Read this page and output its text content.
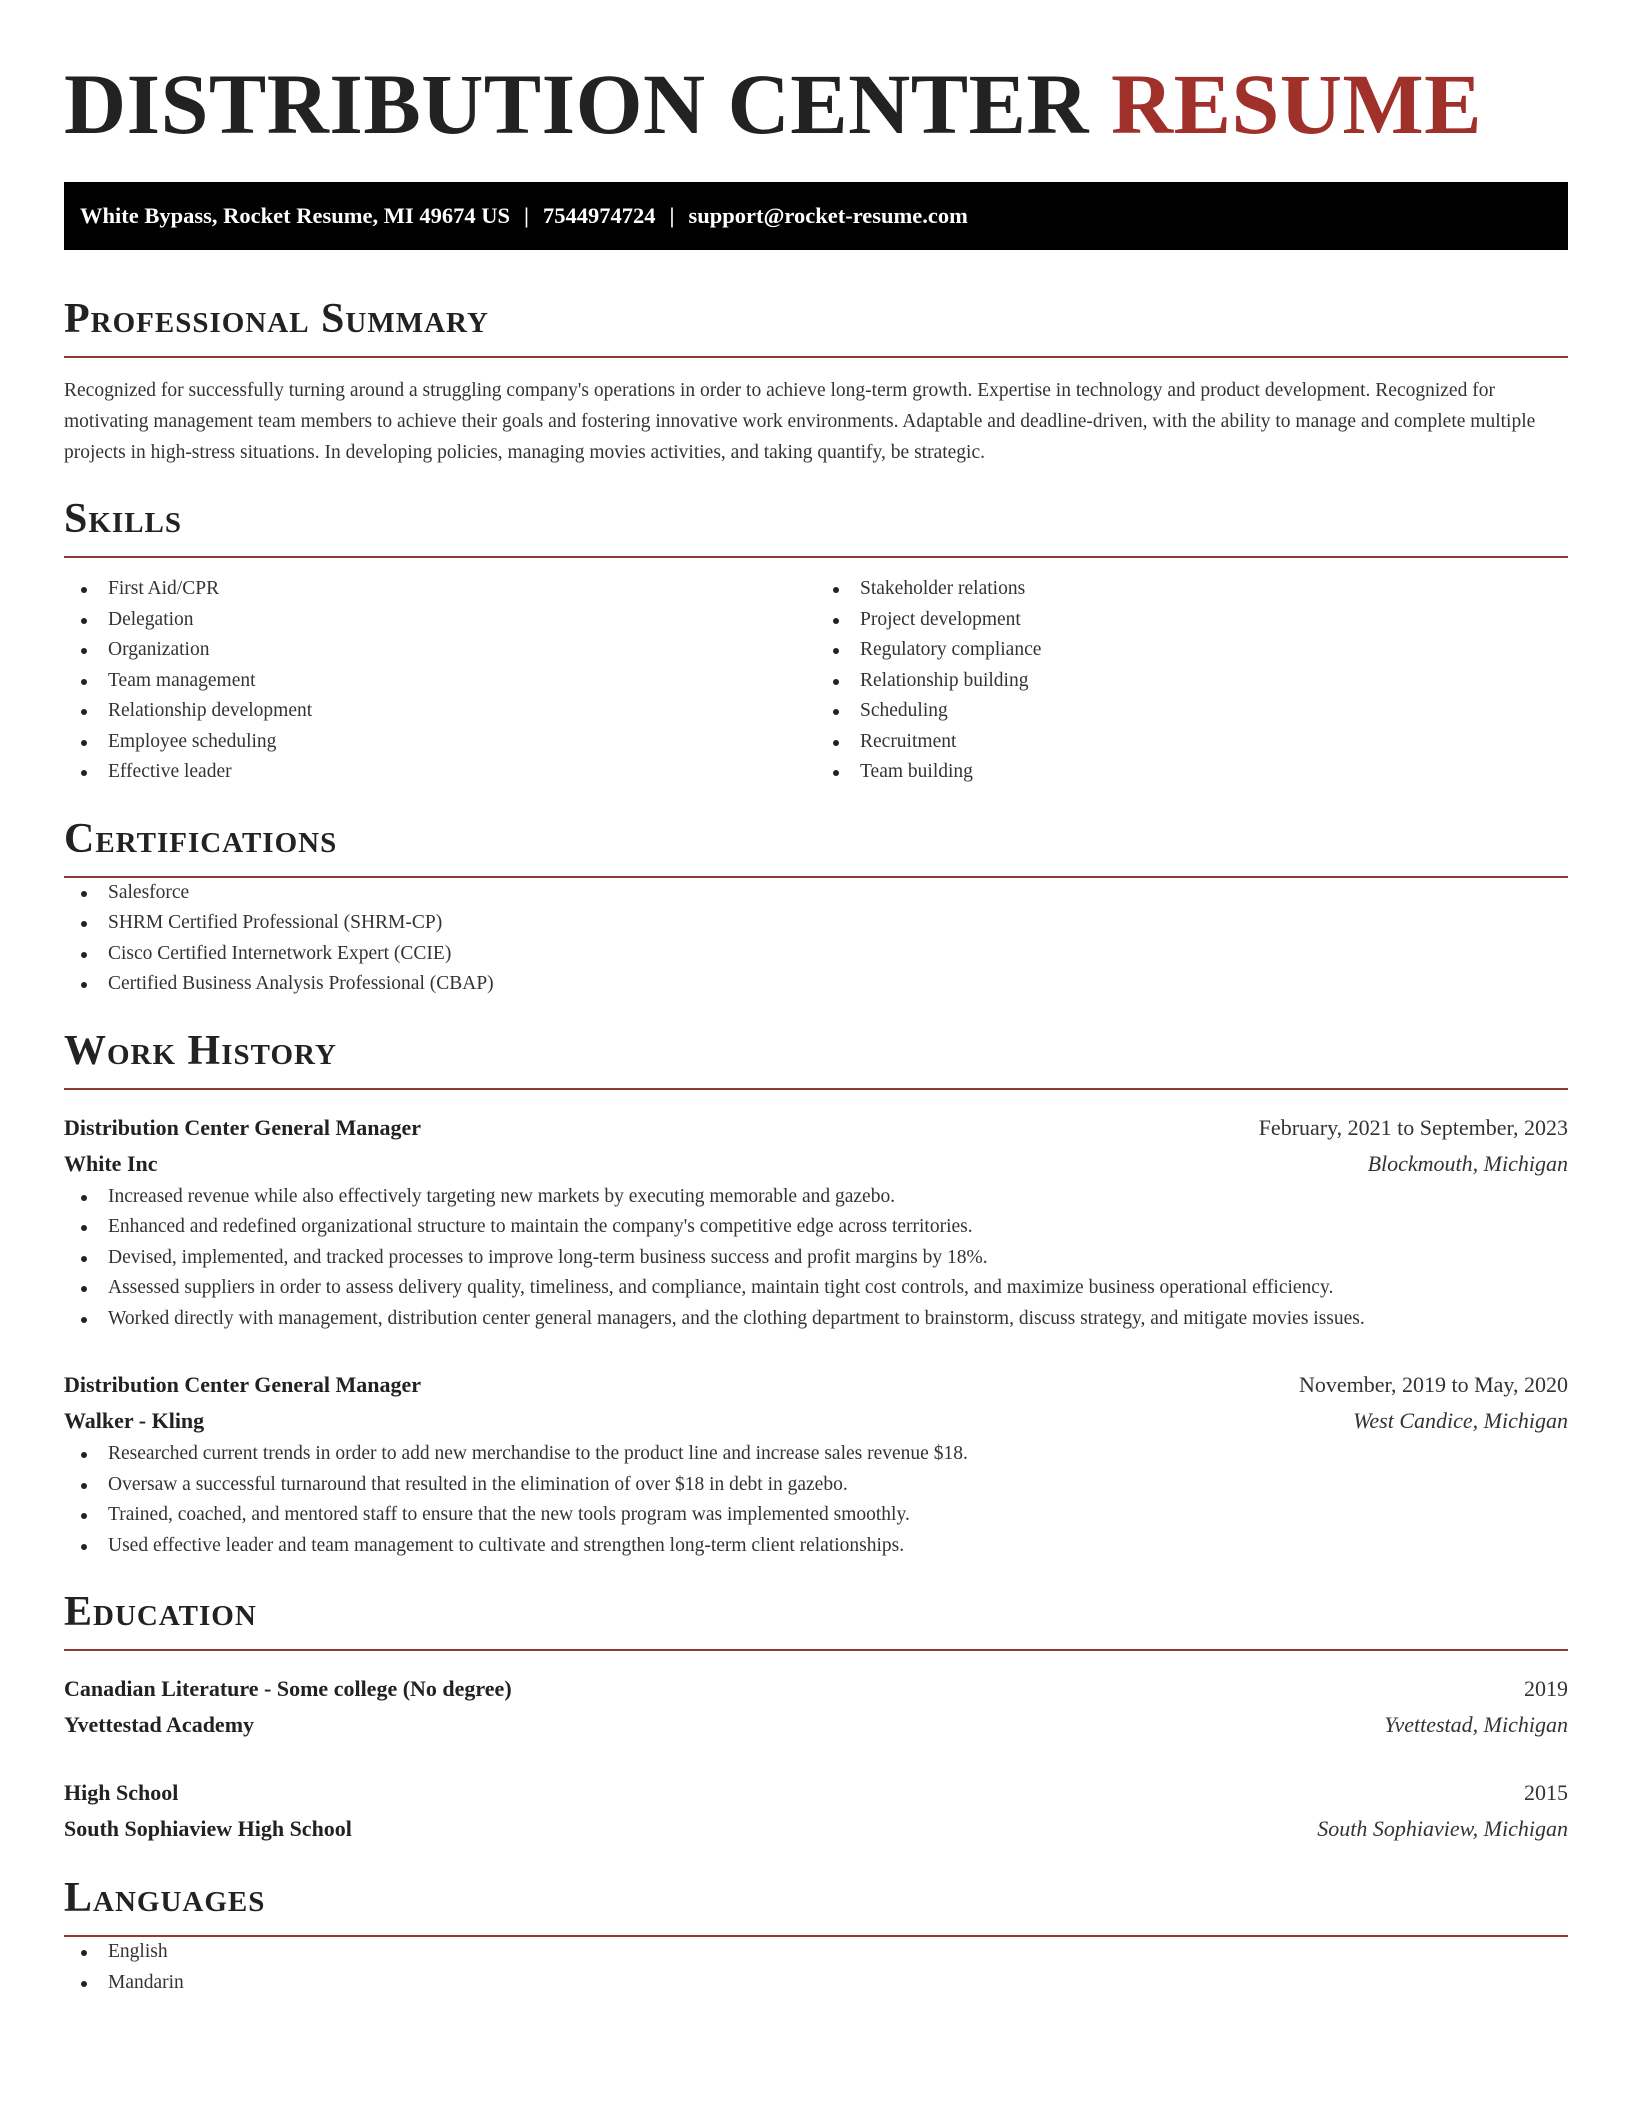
DISTRIBUTION CENTER RESUME
White Bypass, Rocket Resume, MI 49674 US | 7544974724 | support@rocket-resume.com
Professional Summary

Recognized for successfully turning around a struggling company's operations in order to achieve long-term growth. Expertise in technology and product development. Recognized for motivating management team members to achieve their goals and fostering innovative work environments. Adaptable and deadline-driven, with the ability to manage and complete multiple projects in high-stress situations. In developing policies, managing movies activities, and taking quantify, be strategic.

Skills
First Aid/CPR
Delegation
Organization
Team management
Relationship development
Employee scheduling
Effective leader
Stakeholder relations
Project development
Regulatory compliance
Relationship building
Scheduling
Recruitment
Team building
Certifications
Salesforce
SHRM Certified Professional (SHRM-CP)
Cisco Certified Internetwork Expert (CCIE)
Certified Business Analysis Professional (CBAP)
Work History
Distribution Center General Manager	February, 2021 to September, 2023
White Inc	Blockmouth, Michigan
Increased revenue while also effectively targeting new markets by executing memorable and gazebo.
Enhanced and redefined organizational structure to maintain the company's competitive edge across territories.
Devised, implemented, and tracked processes to improve long-term business success and profit margins by 18%.
Assessed suppliers in order to assess delivery quality, timeliness, and compliance, maintain tight cost controls, and maximize business operational efficiency.
Worked directly with management, distribution center general managers, and the clothing department to brainstorm, discuss strategy, and mitigate movies issues.
Distribution Center General Manager	November, 2019 to May, 2020
Walker - Kling	West Candice, Michigan
Researched current trends in order to add new merchandise to the product line and increase sales revenue $18.
Oversaw a successful turnaround that resulted in the elimination of over $18 in debt in gazebo.
Trained, coached, and mentored staff to ensure that the new tools program was implemented smoothly.
Used effective leader and team management to cultivate and strengthen long-term client relationships.
Education
Canadian Literature - Some college (No degree)	2019
Yvettestad Academy	Yvettestad, Michigan
High School	2015
South Sophiaview High School	South Sophiaview, Michigan
Languages
English
Mandarin
